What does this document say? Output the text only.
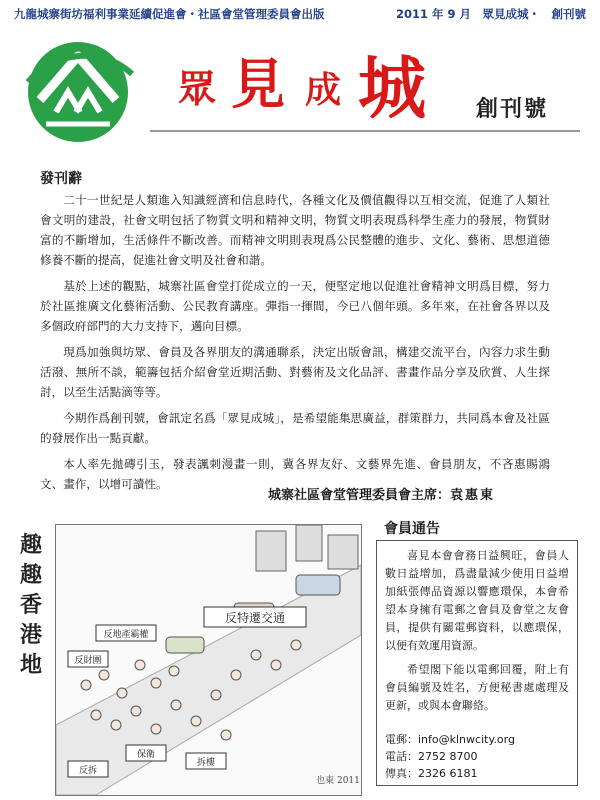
九龍城寨街坊福利事業延續促進會・社區會堂管理委員會出版	2011 年 9 月　眾見成城・　創刊號
眾 見 成 城 創刊號
發刊辭

二十一世紀是人類進入知識經濟和信息時代，各種文化及價值觀得以互相交流，促進了人類社會文明的建設，社會文明包括了物質文明和精神文明，物質文明表現爲科學生產力的發展，物質財富的不斷增加，生活條件不斷改善。而精神文明則表現爲公民整體的進步、文化、藝術、思想道德修養不斷的提高，促進社會文明及社會和諧。

基於上述的觀點，城寨社區會堂打從成立的一天，便堅定地以促進社會精神文明爲目標，努力於社區推廣文化藝術活動、公民教育講座。彈指一揮間，今已八個年頭。多年來，在社會各界以及多個政府部門的大力支持下，邁向目標。

現爲加強與坊眾、會員及各界朋友的溝通聯系，決定出版會訊，構建交流平台，內容力求生動活潑、無所不談，範籌包括介紹會堂近期活動、對藝術及文化品評、書畫作品分享及欣賞、人生探討，以至生活點滴等等。

今期作爲創刊號，會訊定名爲「眾見成城」，是希望能集思廣益，群策群力，共同爲本會及社區的發展作出一點貢獻。

本人率先拋磚引玉，發表諷刺漫畫一則，冀各界友好、文藝界先進、會員朋友，不吝惠賜鴻文、畫作，以增可讀性。

城寨社區會堂管理委員會主席：袁惠東
趣
趣
香
港
地
反特遷交通
反地產霸權
反財團
保衛
反拆
拆樓
也東 2011
會員通告

喜見本會會務日益興旺，會員人數日益增加，爲盡量減少使用日益增加紙張傳品資源以響應環保，本會希望本身擁有電郵之會員及會堂之友會員，提供有關電郵資料，以應環保，以便有效運用資源。

希望閣下能以電郵回覆，附上有會員編號及姓名，方便秘書處處理及更新，或與本會聯絡。

電郵：info@klnwcity.org
電話：2752 8700
傳真：2326 6181
